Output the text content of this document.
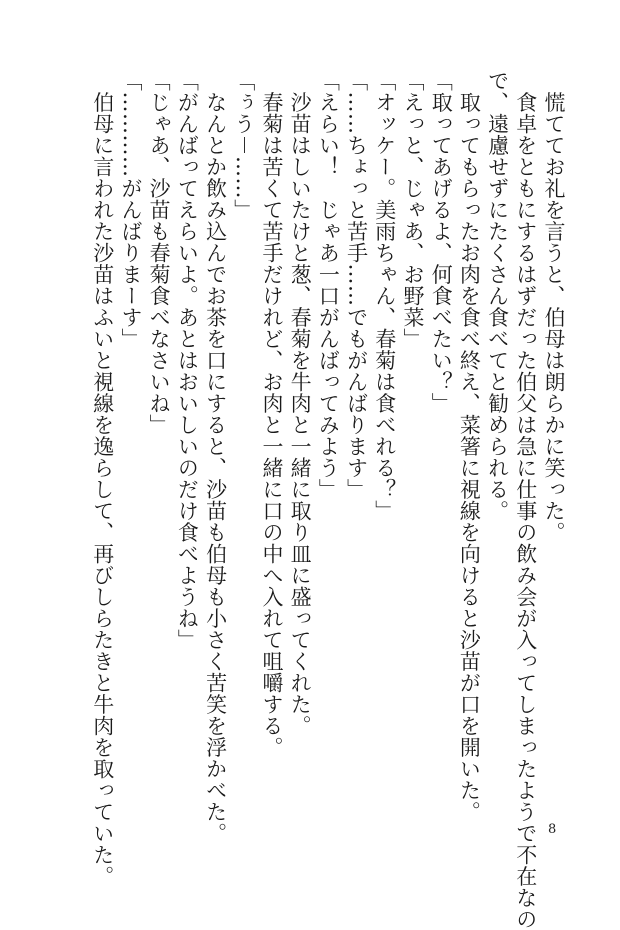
　慌ててお礼を言うと、伯母は朗らかに笑った。
　食卓をともにするはずだった伯父は急に仕事の飲み会が入ってしまったようで不在なの
で、遠慮せずにたくさん食べてと勧められる。
　取ってもらったお肉を食べ終え、菜箸に視線を向けると沙苗が口を開いた。
「取ってあげるよ、何食べたい？」
「えっと、じゃあ、お野菜」
「オッケー。美雨ちゃん、春菊は食べれる？」
「……ちょっと苦手……でもがんばります」
「えらい！　じゃあ一口がんばってみよう」
　沙苗はしいたけと葱、春菊を牛肉と一緒に取り皿に盛ってくれた。
　春菊は苦くて苦手だけれど、お肉と一緒に口の中へ入れて咀嚼する。
「ぅう－……」
　なんとか飲み込んでお茶を口にすると、沙苗も伯母も小さく苦笑を浮かべた。
「がんばってえらいよ。あとはおいしいのだけ食べようね」
「じゃあ、沙苗も春菊食べなさいね」
「…………がんばりまーす」
　伯母に言われた沙苗はふいと視線を逸らして、再びしらたきと牛肉を取っていた。	8
